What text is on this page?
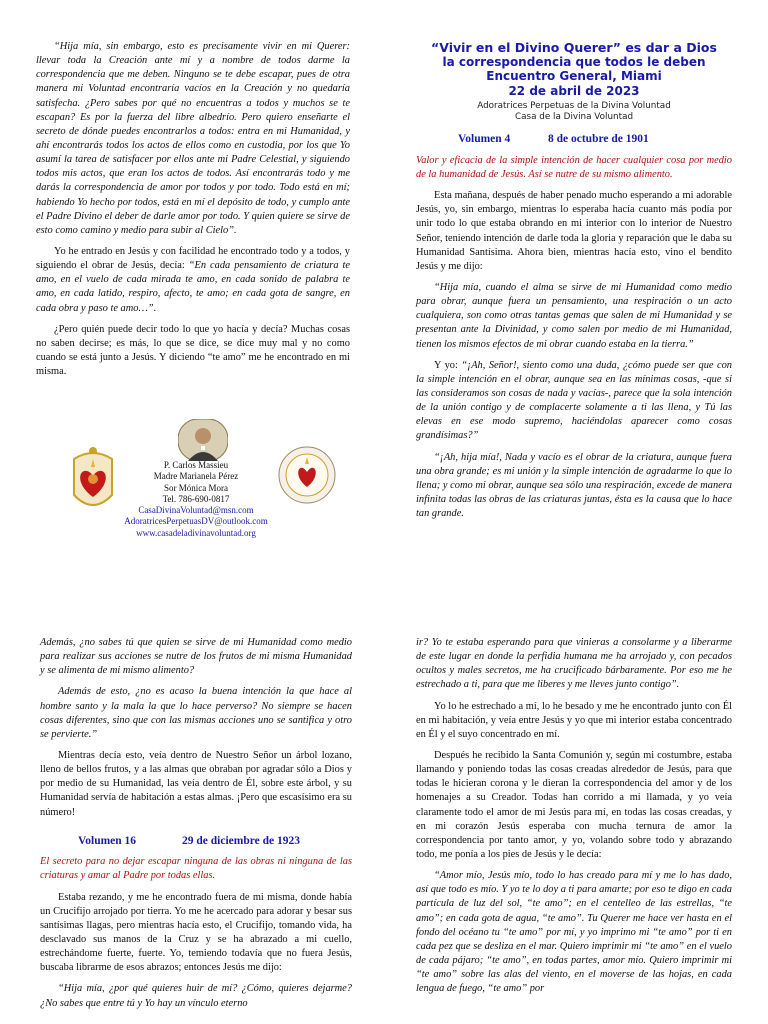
“Hija mía, sin embargo, esto es precisamente vivir en mi Querer: llevar toda la Creación ante mí y a nombre de todos darme la correspondencia que me deben. Ninguno se te debe escapar, pues de otra manera mi Voluntad encontraría vacíos en la Creación y no quedaría satisfecha. ¿Pero sabes por qué no encuentras a todos y muchos se te escapan? Es por la fuerza del libre albedrío. Pero quiero enseñarte el secreto de dónde puedes encontrarlos a todos: entra en mi Humanidad, y ahí encontrarás todos los actos de ellos como en custodia, por los que Yo asumí la tarea de satisfacer por ellos ante mi Padre Celestial, y siguiendo todos mis actos, que eran los actos de todos. Así encontrarás todo y me darás la correspondencia de amor por todos y por todo. Todo está en mí; habiendo Yo hecho por todos, está en mí el depósito de todo, y cumplo ante el Padre Divino el deber de darle amor por todo. Y quien quiere se sirve de esto como camino y medio para subir al Cielo”.

Yo he entrado en Jesús y con facilidad he encontrado todo y a todos, y siguiendo el obrar de Jesús, decía: “En cada pensamiento de criatura te amo, en el vuelo de cada mirada te amo, en cada sonido de palabra te amo, en cada latido, respiro, afecto, te amo; en cada gota de sangre, en cada obra y paso te amo…”.

¿Pero quién puede decir todo lo que yo hacía y decía? Muchas cosas no saben decirse; es más, lo que se dice, se dice muy mal y no como cuando se está junto a Jesús. Y diciendo “te amo” me he encontrado en mi misma.

P. Carlos Massieu
Madre Marianela Pérez
Sor Mónica Mora
Tel. 786-690-0817
CasaDivinaVoluntad@msn.com
AdoratricesPerpetuasDV@outlook.com
www.casadeladivinavoluntad.org
“Vivir en el Divino Querer” es dar a Dios
la correspondencia que todos le deben
Encuentro General, Miami
22 de abril de 2023
Adoratrices Perpetuas de la Divina Voluntad
Casa de la Divina Voluntad
Volumen 4	8 de octubre de 1901

Valor y eficacia de la simple intención de hacer cualquier cosa por medio de la humanidad de Jesús. Así se nutre de su mismo alimento.

Esta mañana, después de haber penado mucho esperando a mi adorable Jesús, yo, sin embargo, mientras lo esperaba hacía cuanto más podía por unir todo lo que estaba obrando en mi interior con lo interior de Nuestro Señor, teniendo intención de darle toda la gloria y reparación que le daba su Humanidad Santísima. Ahora bien, mientras hacía esto, vino el bendito Jesús y me dijo:

“Hija mía, cuando el alma se sirve de mi Humanidad como medio para obrar, aunque fuera un pensamiento, una respiración o un acto cualquiera, son como otras tantas gemas que salen de mi Humanidad y se presentan ante la Divinidad, y como salen por medio de mi Humanidad, tienen los mismos efectos de mi obrar cuando estaba en la tierra.”

Y yo: “¡Ah, Señor!, siento como una duda, ¿cómo puede ser que con la simple intención en el obrar, aunque sea en las mínimas cosas, -que si las consideramos son cosas de nada y vacías-, parece que la sola intención de la unión contigo y de complacerte solamente a ti las llena, y Tú las elevas en ese modo supremo, haciéndolas aparecer como cosas grandísimas?”

“¡Ah, hija mía!, Nada y vacío es el obrar de la criatura, aunque fuera una obra grande; es mi unión y la simple intención de agradarme lo que lo llena; y como mi obrar, aunque sea sólo una respiración, excede de manera infinita todas las obras de las criaturas juntas, ésta es la causa que lo hace tan grande.

Además, ¿no sabes tú que quien se sirve de mi Humanidad como medio para realizar sus acciones se nutre de los frutos de mi misma Humanidad y se alimenta de mi mismo alimento?

Además de esto, ¿no es acaso la buena intención la que hace al hombre santo y la mala la que lo hace perverso? No siempre se hacen cosas diferentes, sino que con las mismas acciones uno se santifica y otro se pervierte.”

Mientras decía esto, veía dentro de Nuestro Señor un árbol lozano, lleno de bellos frutos, y a las almas que obraban por agradar sólo a Dios y por medio de su Humanidad, las veía dentro de Él, sobre este árbol, y su Humanidad servía de habitación a estas almas. ¡Pero que escasísimo era su número!

Volumen 16	29 de diciembre de 1923

El secreto para no dejar escapar ninguna de las obras ni ninguna de las criaturas y amar al Padre por todas ellas.

Estaba rezando, y me he encontrado fuera de mi misma, donde había un Crucifijo arrojado por tierra. Yo me he acercado para adorar y besar sus santísimas llagas, pero mientras hacía esto, el Crucifijo, tomando vida, ha desclavado sus manos de la Cruz y se ha abrazado a mi cuello, estrechándome fuerte, fuerte. Yo, temiendo todavía que no fuera Jesús, buscaba librarme de esos abrazos; entonces Jesús me dijo:

“Hija mía, ¿por qué quieres huir de mí? ¿Cómo, quieres dejarme? ¿No sabes que entre tú y Yo hay un vínculo eterno

ir? Yo te estaba esperando para que vinieras a consolarme y a liberarme de este lugar en donde la perfidia humana me ha arrojado y, con pecados ocultos y males secretos, me ha crucificado bárbaramente. Por eso me he estrechado a ti, para que me liberes y me lleves junto contigo”.

Yo lo he estrechado a mí, lo he besado y me he encontrado junto con Él en mi habitación, y veía entre Jesús y yo que mi interior estaba concentrado en Él y el suyo concentrado en mí.

Después he recibido la Santa Comunión y, según mi costumbre, estaba llamando y poniendo todas las cosas creadas alrededor de Jesús, para que todas le hicieran corona y le dieran la correspondencia del amor y de los homenajes a su Creador. Todas han corrido a mi llamada, y yo veía claramente todo el amor de mi Jesús para mí, en todas las cosas creadas, y en mi corazón Jesús esperaba con mucha ternura de amor la correspondencia por tanto amor, y yo, volando sobre todo y abrazando todo, me ponía a los pies de Jesús y le decía:

“Amor mío, Jesús mío, todo lo has creado para mí y me lo has dado, así que todo es mío. Y yo te lo doy a ti para amarte; por eso te digo en cada partícula de luz del sol, “te amo”; en el centelleo de las estrellas, “te amo”; en cada gota de agua, “te amo”. Tu Querer me hace ver hasta en el fondo del océano tu “te amo” por mí, y yo imprimo mi “te amo” por ti en cada pez que se desliza en el mar. Quiero imprimir mi “te amo” en el vuelo de cada pájaro; “te amo”, en todas partes, amor mío. Quiero imprimir mi “te amo” sobre las alas del viento, en el moverse de las hojas, en cada lengua de fuego, “te amo” por
